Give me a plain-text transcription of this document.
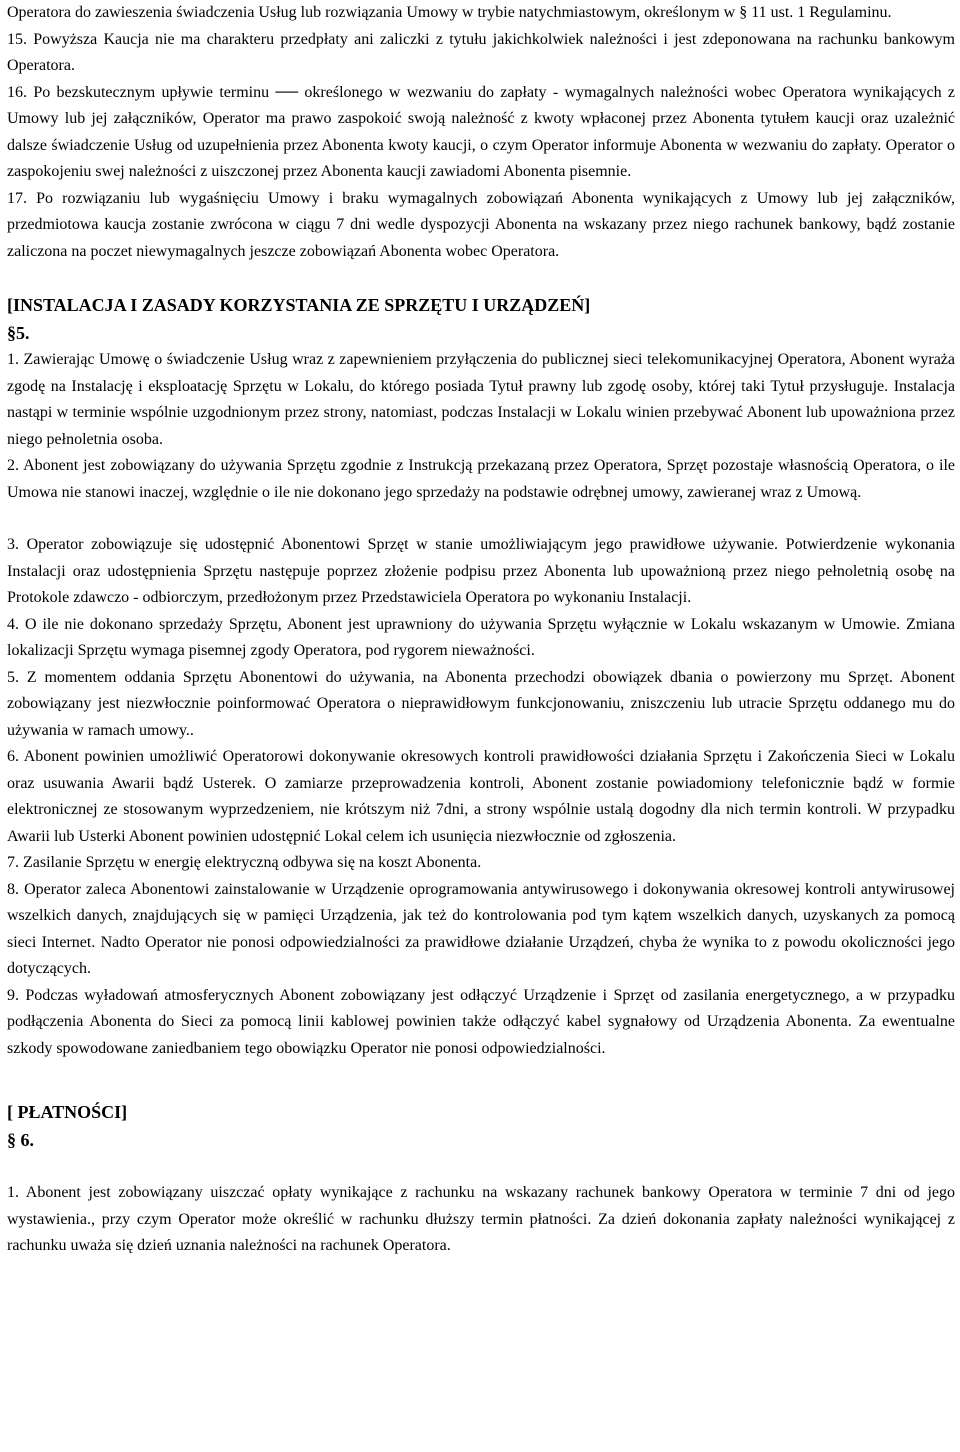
Operatora do zawieszenia świadczenia Usług lub rozwiązania Umowy w trybie natychmiastowym, określonym w § 11 ust. 1 Regulaminu.

15. Powyższa Kaucja nie ma charakteru przedpłaty ani zaliczki z tytułu jakichkolwiek należności i jest zdeponowana na rachunku bankowym Operatora.

16. Po bezskutecznym upływie terminu ── określonego w wezwaniu do zapłaty - wymagalnych należności wobec Operatora wynikających z Umowy lub jej załączników, Operator ma prawo zaspokoić swoją należność z kwoty wpłaconej przez Abonenta tytułem kaucji oraz uzależnić dalsze świadczenie Usług od uzupełnienia przez Abonenta kwoty kaucji, o czym Operator informuje Abonenta w wezwaniu do zapłaty. Operator o zaspokojeniu swej należności z uiszczonej przez Abonenta kaucji zawiadomi Abonenta pisemnie.

17. Po rozwiązaniu lub wygaśnięciu Umowy i braku wymagalnych zobowiązań Abonenta wynikających z Umowy lub jej załączników, przedmiotowa kaucja zostanie zwrócona w ciągu 7 dni wedle dyspozycji Abonenta na wskazany przez niego rachunek bankowy, bądź zostanie zaliczona na poczet niewymagalnych jeszcze zobowiązań Abonenta wobec Operatora.

[INSTALACJA I ZASADY KORZYSTANIA ZE SPRZĘTU I URZĄDZEŃ]

§5.

1. Zawierając Umowę o świadczenie Usług wraz z zapewnieniem przyłączenia do publicznej sieci telekomunikacyjnej Operatora, Abonent wyraża zgodę na Instalację i eksploatację Sprzętu w Lokalu, do którego posiada Tytuł prawny lub zgodę osoby, której taki Tytuł przysługuje. Instalacja nastąpi w terminie wspólnie uzgodnionym przez strony, natomiast, podczas Instalacji w Lokalu winien przebywać Abonent lub upoważniona przez niego pełnoletnia osoba.

2. Abonent jest zobowiązany do używania Sprzętu zgodnie z Instrukcją przekazaną przez Operatora, Sprzęt pozostaje własnością Operatora, o ile Umowa nie stanowi inaczej, względnie o ile nie dokonano jego sprzedaży na podstawie odrębnej umowy, zawieranej wraz z Umową.

3. Operator zobowiązuje się udostępnić Abonentowi Sprzęt w stanie umożliwiającym jego prawidłowe używanie. Potwierdzenie wykonania Instalacji oraz udostępnienia Sprzętu następuje poprzez złożenie podpisu przez Abonenta lub upoważnioną przez niego pełnoletnią osobę na Protokole zdawczo - odbiorczym, przedłożonym przez Przedstawiciela Operatora po wykonaniu Instalacji.

4. O ile nie dokonano sprzedaży Sprzętu, Abonent jest uprawniony do używania Sprzętu wyłącznie w Lokalu wskazanym w Umowie. Zmiana lokalizacji Sprzętu wymaga pisemnej zgody Operatora, pod rygorem nieważności.

5. Z momentem oddania Sprzętu Abonentowi do używania, na Abonenta przechodzi obowiązek dbania o powierzony mu Sprzęt. Abonent zobowiązany jest niezwłocznie poinformować Operatora o nieprawidłowym funkcjonowaniu, zniszczeniu lub utracie Sprzętu oddanego mu do używania w ramach umowy..

6. Abonent powinien umożliwić Operatorowi dokonywanie okresowych kontroli prawidłowości działania Sprzętu i Zakończenia Sieci w Lokalu oraz usuwania Awarii bądź Usterek. O zamiarze przeprowadzenia kontroli, Abonent zostanie powiadomiony telefonicznie bądź w formie elektronicznej ze stosowanym wyprzedzeniem, nie krótszym niż 7dni, a strony wspólnie ustalą dogodny dla nich termin kontroli. W przypadku Awarii lub Usterki Abonent powinien udostępnić Lokal celem ich usunięcia niezwłocznie od zgłoszenia.

7. Zasilanie Sprzętu w energię elektryczną odbywa się na koszt Abonenta.

8. Operator zaleca Abonentowi zainstalowanie w Urządzenie oprogramowania antywirusowego i dokonywania okresowej kontroli antywirusowej wszelkich danych, znajdujących się w pamięci Urządzenia, jak też do kontrolowania pod tym kątem wszelkich danych, uzyskanych za pomocą sieci Internet. Nadto Operator nie ponosi odpowiedzialności za prawidłowe działanie Urządzeń, chyba że wynika to z powodu okoliczności jego dotyczących.

9. Podczas wyładowań atmosferycznych Abonent zobowiązany jest odłączyć Urządzenie i Sprzęt od zasilania energetycznego, a w przypadku podłączenia Abonenta do Sieci za pomocą linii kablowej powinien także odłączyć kabel sygnałowy od Urządzenia Abonenta. Za ewentualne szkody spowodowane zaniedbaniem tego obowiązku Operator nie ponosi odpowiedzialności.

[ PŁATNOŚCI]

§ 6.

1. Abonent jest zobowiązany uiszczać opłaty wynikające z rachunku na wskazany rachunek bankowy Operatora w terminie 7 dni od jego wystawienia., przy czym Operator może określić w rachunku dłuższy termin płatności. Za dzień dokonania zapłaty należności wynikającej z rachunku uważa się dzień uznania należności na rachunek Operatora.
